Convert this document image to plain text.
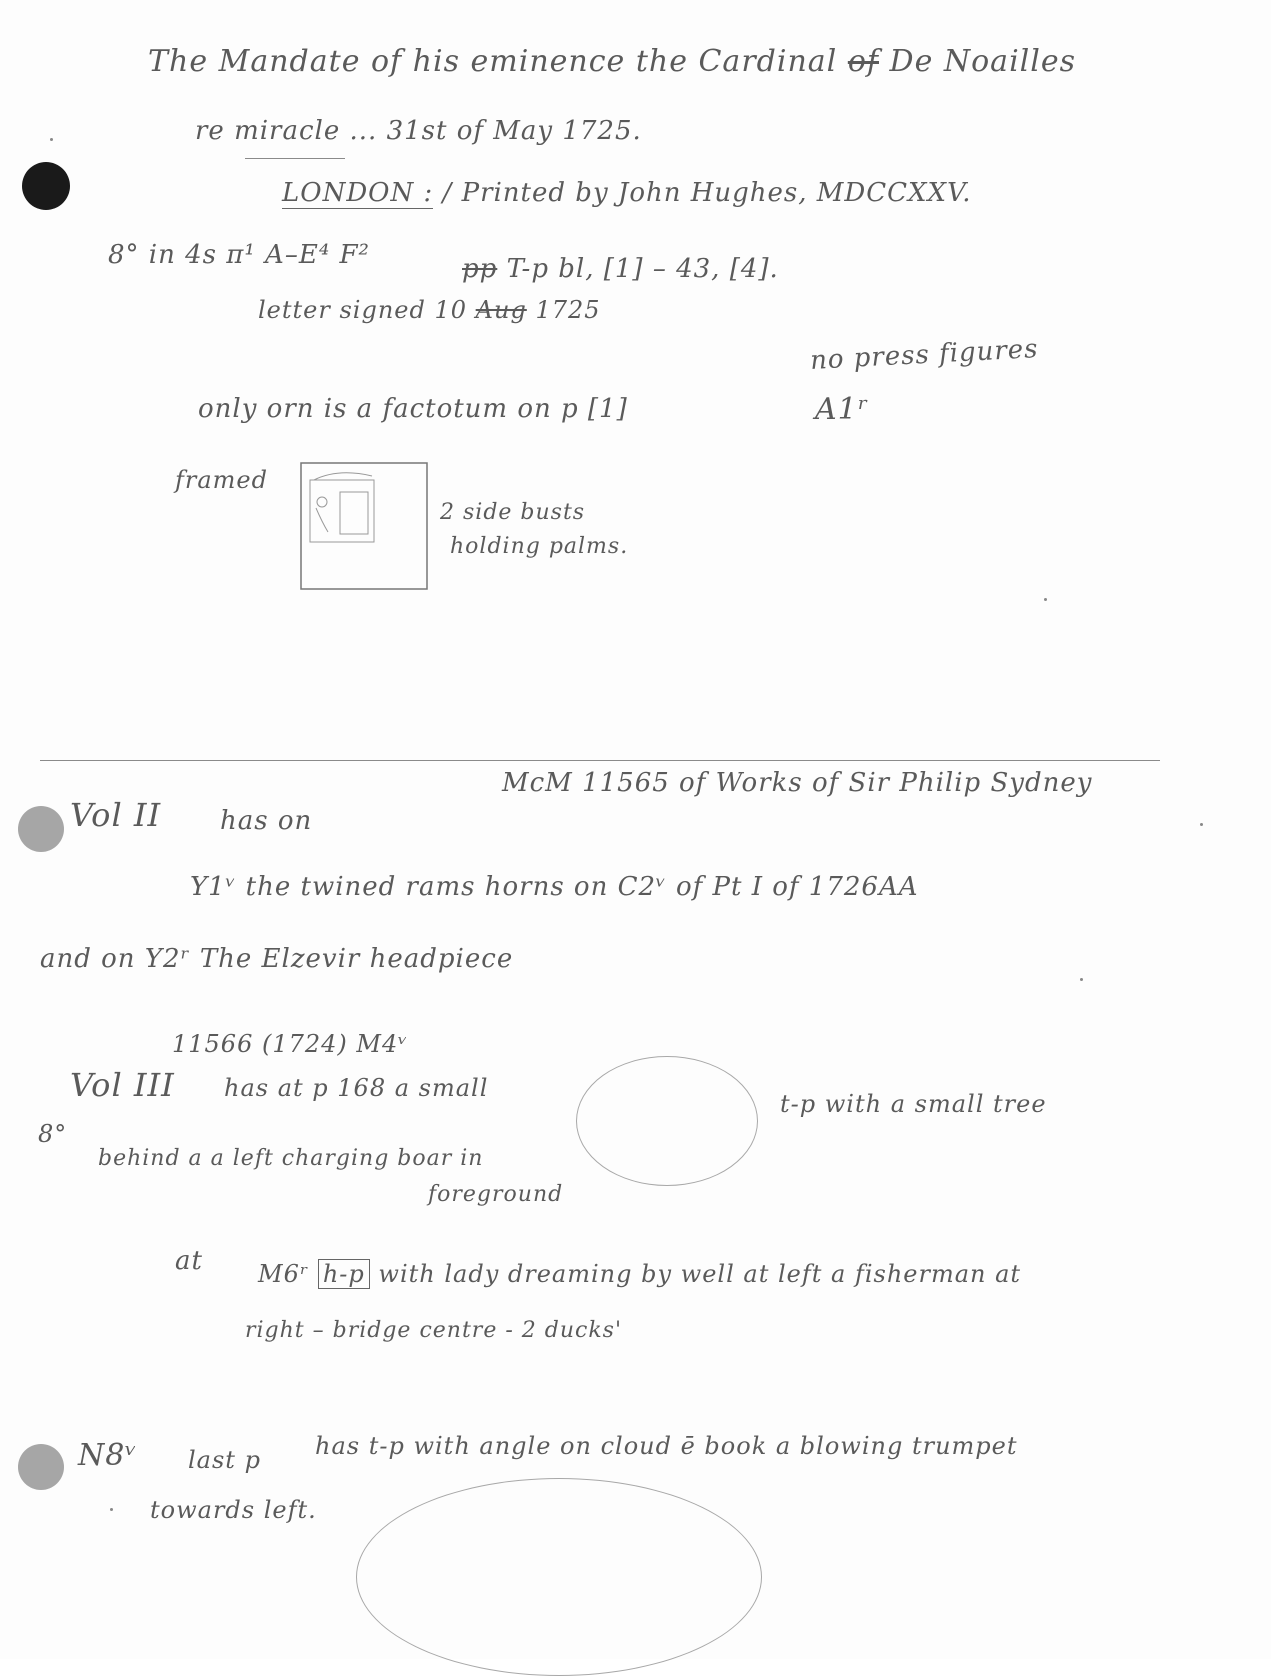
The Mandate of his eminence the Cardinal of De Noailles
re miracle ... 31st of May 1725.
LONDON : / Printed by John Hughes, MDCCXXV.
8° in 4s π¹ A–E⁴ F²	pp T-p bl, [1] – 43, [4].
letter signed 10 Aug 1725
no press figures
only orn is a factotum on p [1]	A1ʳ
framed
2 side busts
holding palms.
McM 11565 of Works of Sir Philip Sydney
Vol II has on
Y1ᵛ the twined rams horns on C2ᵛ of Pt I of 1726AA
and on Y2ʳ The Elzevir headpiece
11566 (1724) M4ᵛ
Vol III has at p 168 a small
t-p with a small tree
8°
behind a a left charging boar in
foreground
at M6ʳ h-p with lady dreaming by well at left a fisherman at
right – bridge centre - 2 ducks'
N8ᵛ last p has t-p with angle on cloud ē book a blowing trumpet
towards left.
